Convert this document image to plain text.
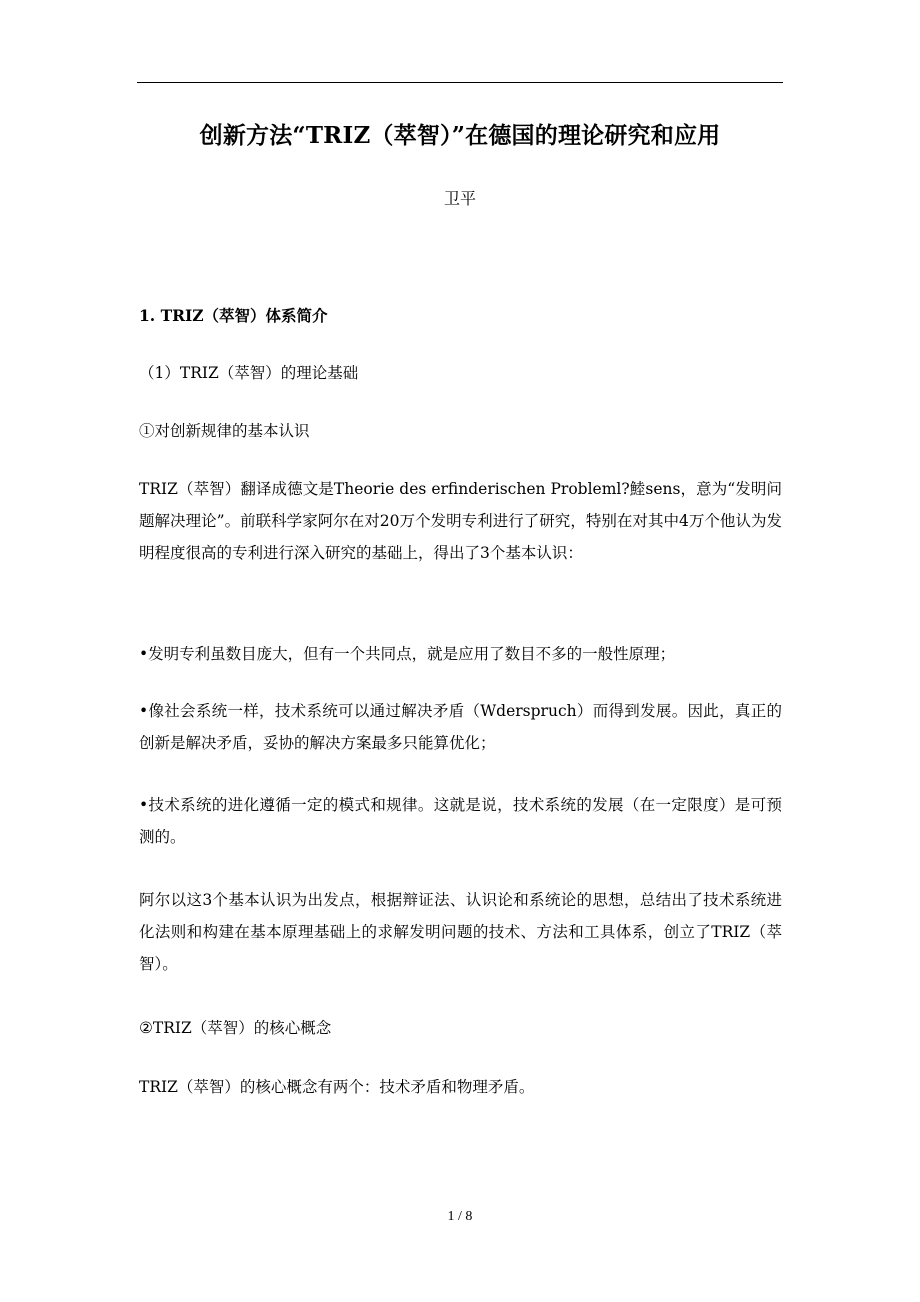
创新方法“TRIZ（萃智）”在德国的理论研究和应用
卫平
1. TRIZ（萃智）体系简介
（1）TRIZ（萃智）的理论基础
①对创新规律的基本认识
TRIZ（萃智）翻译成德文是Theorie des erfinderischen Probleml?鯥sens，意为“发明问题解决理论”。前联科学家阿尔在对20万个发明专利进行了研究，特别在对其中4万个他认为发明程度很高的专利进行深入研究的基础上，得出了3个基本认识：
•发明专利虽数目庞大，但有一个共同点，就是应用了数目不多的一般性原理；
•像社会系统一样，技术系统可以通过解决矛盾（Wderspruch）而得到发展。因此，真正的创新是解决矛盾，妥协的解决方案最多只能算优化；
•技术系统的进化遵循一定的模式和规律。这就是说，技术系统的发展（在一定限度）是可预测的。
阿尔以这3个基本认识为出发点，根据辩证法、认识论和系统论的思想，总结出了技术系统进化法则和构建在基本原理基础上的求解发明问题的技术、方法和工具体系，创立了TRIZ（萃智）。
②TRIZ（萃智）的核心概念
TRIZ（萃智）的核心概念有两个：技术矛盾和物理矛盾。
1 / 8
